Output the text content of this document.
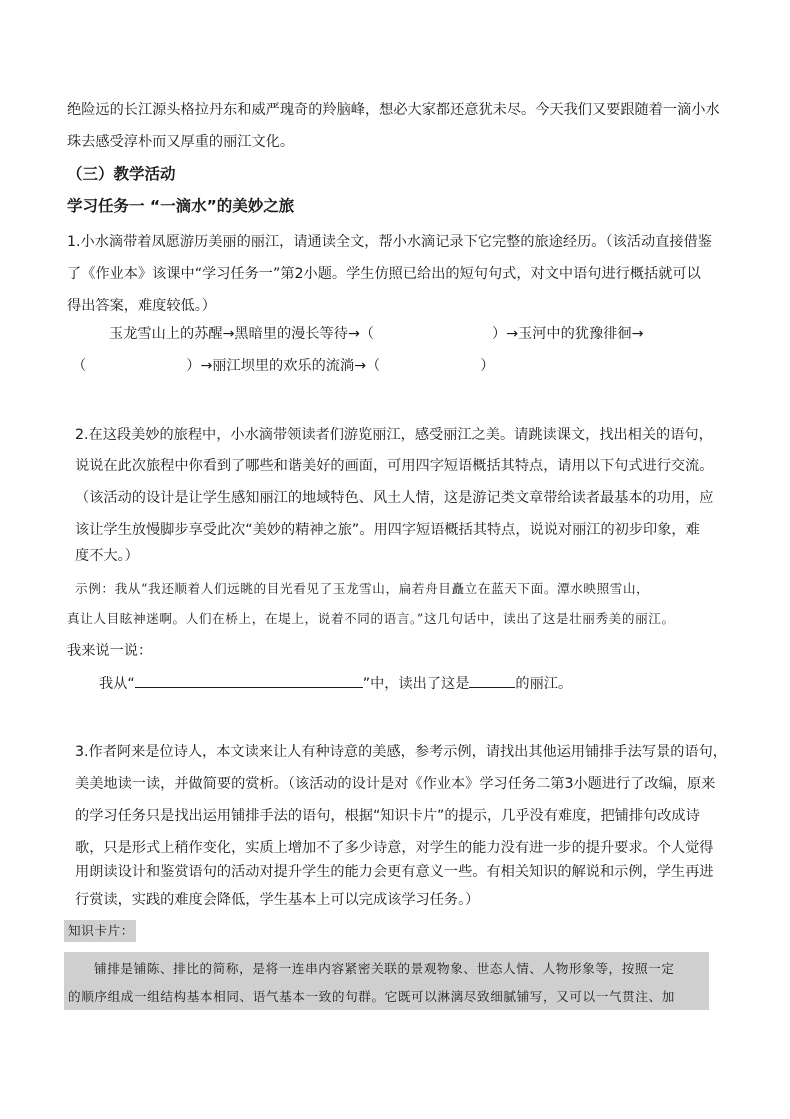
绝险远的长江源头格拉丹东和威严瑰奇的羚脑峰，想必大家都还意犹未尽。今天我们又要跟随着一滴小水
珠去感受淳朴而又厚重的丽江文化。
（三）教学活动
学习任务一 “一滴水”的美妙之旅
1.小水滴带着凤愿游历美丽的丽江，请通读全文，帮小水滴记录下它完整的旅途经历。（该活动直接借鉴
了《作业本》该课中“学习任务一”第2小题。学生仿照已给出的短句句式，对文中语句进行概括就可以
得出答案，难度较低。）
玉龙雪山上的苏醒→黑暗里的漫长等待→（	）→玉河中的犹豫徘徊→
（	）→丽江坝里的欢乐的流淌→（	）
2.在这段美妙的旅程中，小水滴带领读者们游览丽江，感受丽江之美。请跳读课文，找出相关的语句，
说说在此次旅程中你看到了哪些和谐美好的画面，可用四字短语概括其特点，请用以下句式进行交流。
（该活动的设计是让学生感知丽江的地域特色、风土人情，这是游记类文章带给读者最基本的功用，应
该让学生放慢脚步享受此次“美妙的精神之旅”。用四字短语概括其特点，说说对丽江的初步印象，难
度不大。）
示例：我从“我还顺着人们远眺的目光看见了玉龙雪山，扁若舟目矗立在蓝天下面。潭水映照雪山，
真让人目眩神迷啊。人们在桥上，在堤上，说着不同的语言。”这几句话中，读出了这是壮丽秀美的丽江。
我来说一说：
我从“	”中，读出了这是	的丽江。
3.作者阿来是位诗人，本文读来让人有种诗意的美感，参考示例，请找出其他运用铺排手法写景的语句，
美美地读一读，并做简要的赏析。（该活动的设计是对《作业本》学习任务二第3小题进行了改编，原来
的学习任务只是找出运用铺排手法的语句，根据“知识卡片”的提示，几乎没有难度，把铺排句改成诗
歌，只是形式上稍作变化，实质上增加不了多少诗意，对学生的能力没有进一步的提升要求。个人觉得
用朗读设计和鉴赏语句的活动对提升学生的能力会更有意义一些。有相关知识的解说和示例，学生再进
行赏读，实践的难度会降低，学生基本上可以完成该学习任务。）
知识卡片：
铺排是铺陈、排比的简称，是将一连串内容紧密关联的景观物象、世态人情、人物形象等，按照一定
的顺序组成一组结构基本相同、语气基本一致的句群。它既可以淋漓尽致细腻铺写，又可以一气贯注、加
